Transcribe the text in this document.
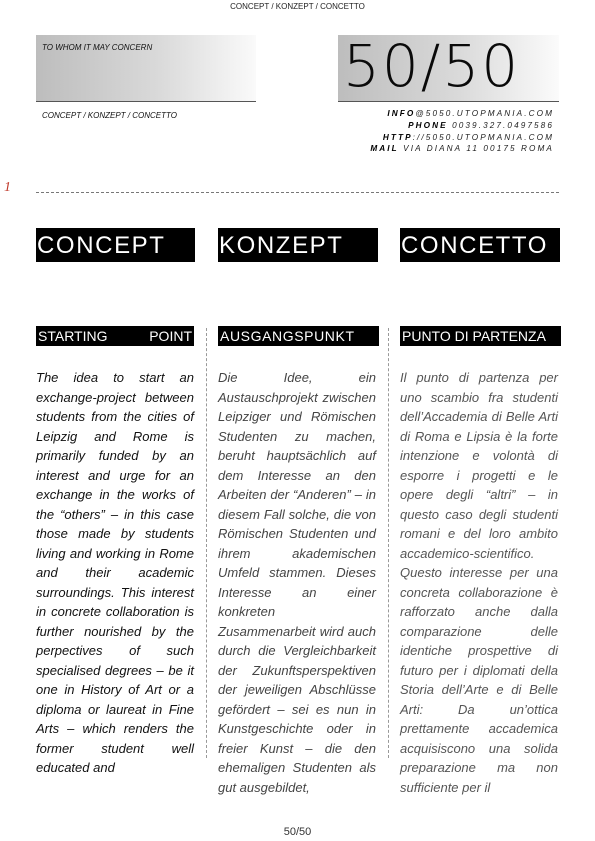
CONCEPT / KONZEPT / CONCETTO
TO WHOM IT MAY CONCERN
CONCEPT / KONZEPT / CONCETTO
50/50
INFO@5050.UTOPMANIA.COM
PHONE 0039.327.0497586
HTTP://5050.UTOPMANIA.COM
MAIL VIA DIANA 11 00175 ROMA
1
CONCEPT	KONZEPT	CONCETTO
STARTING	POINT AUSGANGSPUNKT	PUNTO DI PARTENZA
The idea to start an exchange-project between students from the cities of Leipzig and Rome is primarily funded by an interest and urge for an exchange in the works of the “others” – in this case those made by students living and working in Rome and their academic surroundings. This interest in concrete collaboration is further nourished by the perpectives of such specialised degrees – be it one in History of Art or a diploma or laureat in Fine Arts – which renders the former student well educated and
Die Idee, ein Austauschprojekt zwischen Leipziger und Römischen Studenten zu machen, beruht hauptsächlich auf dem Interesse an den Arbeiten der “Anderen” – in diesem Fall solche, die von Römischen Studenten und ihrem akademischen Umfeld stammen. Dieses Interesse an einer konkreten Zusammenarbeit wird auch durch die Vergleichbarkeit der Zukunftsperspektiven der jeweiligen Abschlüsse gefördert – sei es nun in Kunstgeschichte oder in freier Kunst – die den ehemaligen Studenten als gut ausgebildet,
Il punto di partenza per uno scambio fra studenti dell’Accademia di Belle Arti di Roma e Lipsia è la forte intenzione e volontà di esporre i progetti e le opere degli “altri” – in questo caso degli studenti romani e del loro ambito accademico-scientifico. Questo interesse per una concreta collaborazione è rafforzato anche dalla comparazione delle identiche prospettive di futuro per i diplomati della Storia dell’Arte e di Belle Arti: Da un’ottica prettamente accademica acquisiscono una solida preparazione ma non sufficiente per il
50/50
